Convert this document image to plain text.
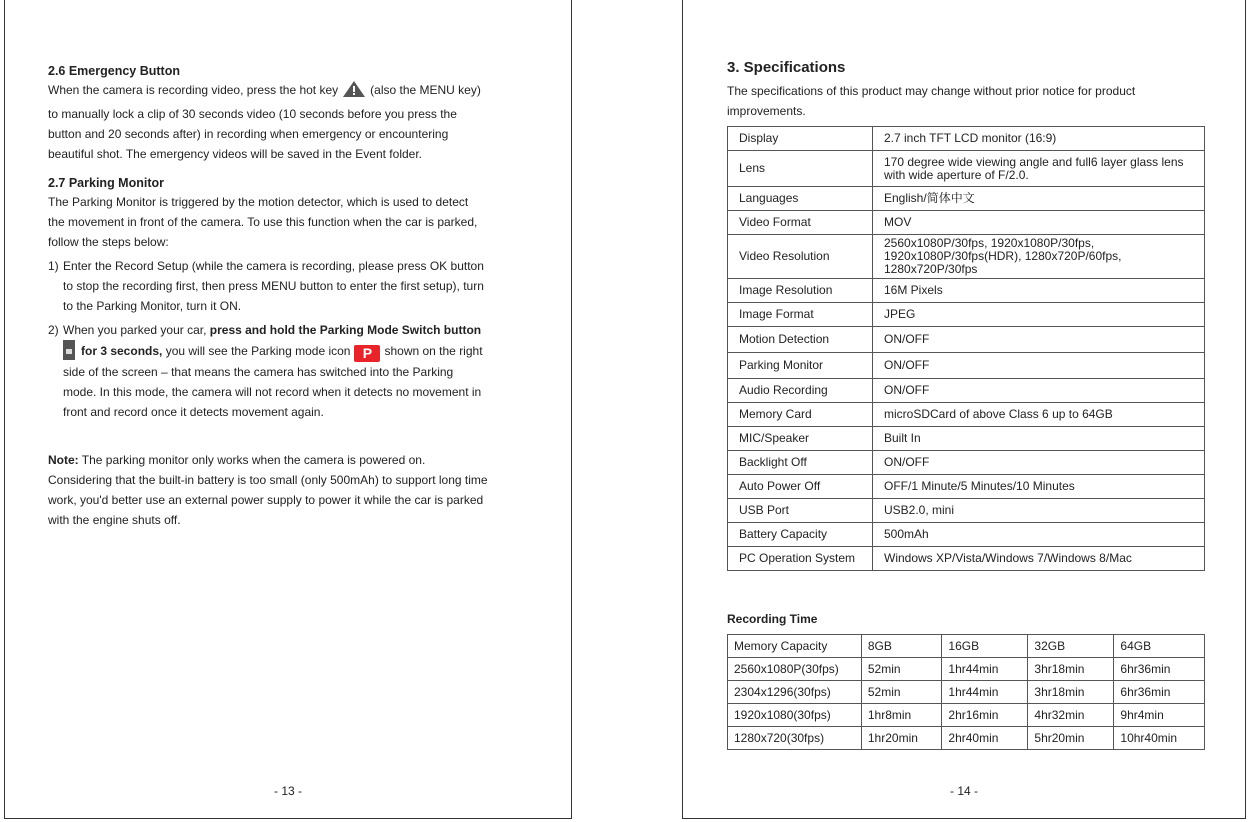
2.6 Emergency Button
When the camera is recording video, press the hot key	(also the MENU key)
to manually lock a clip of 30 seconds video (10 seconds before you press the
button and 20 seconds after) in recording when emergency or encountering
beautiful shot. The emergency videos will be saved in the Event folder.
2.7 Parking Monitor
The Parking Monitor is triggered by the motion detector, which is used to detect
the movement in front of the camera. To use this function when the car is parked,
follow the steps below:
1) Enter the Record Setup (while the camera is recording, please press OK button
to stop the recording first, then press MENU button to enter the first setup), turn
to the Parking Monitor, turn it ON.
2) When you parked your car, press and hold the Parking Mode Switch button
for 3 seconds, you will see the Parking mode icon P shown on the right
side of the screen – that means the camera has switched into the Parking
mode. In this mode, the camera will not record when it detects no movement in
front and record once it detects movement again.
Note: The parking monitor only works when the camera is powered on.
Considering that the built-in battery is too small (only 500mAh) to support long time
work, you'd better use an external power supply to power it while the car is parked
with the engine shuts off.
- 13 -
3. Specifications
The specifications of this product may change without prior notice for product
improvements.
Display	2.7 inch TFT LCD monitor (16:9)
Lens	170 degree wide viewing angle and full6 layer glass lens with wide aperture of F/2.0.
Languages	English/简体中文
Video Format	MOV
Video Resolution	2560x1080P/30fps, 1920x1080P/30fps, 1920x1080P/30fps(HDR), 1280x720P/60fps, 1280x720P/30fps
Image Resolution	16M Pixels
Image Format	JPEG
Motion Detection	ON/OFF
Parking Monitor	ON/OFF
Audio Recording	ON/OFF
Memory Card	microSDCard of above Class 6 up to 64GB
MIC/Speaker	Built In
Backlight Off	ON/OFF
Auto Power Off	OFF/1 Minute/5 Minutes/10 Minutes
USB Port	USB2.0, mini
Battery Capacity	500mAh
PC Operation System	Windows XP/Vista/Windows 7/Windows 8/Mac
Recording Time
Memory Capacity	8GB	16GB	32GB	64GB
2560x1080P(30fps)	52min	1hr44min	3hr18min	6hr36min
2304x1296(30fps)	52min	1hr44min	3hr18min	6hr36min
1920x1080(30fps)	1hr8min	2hr16min	4hr32min	9hr4min
1280x720(30fps)	1hr20min	2hr40min	5hr20min	10hr40min
- 14 -
